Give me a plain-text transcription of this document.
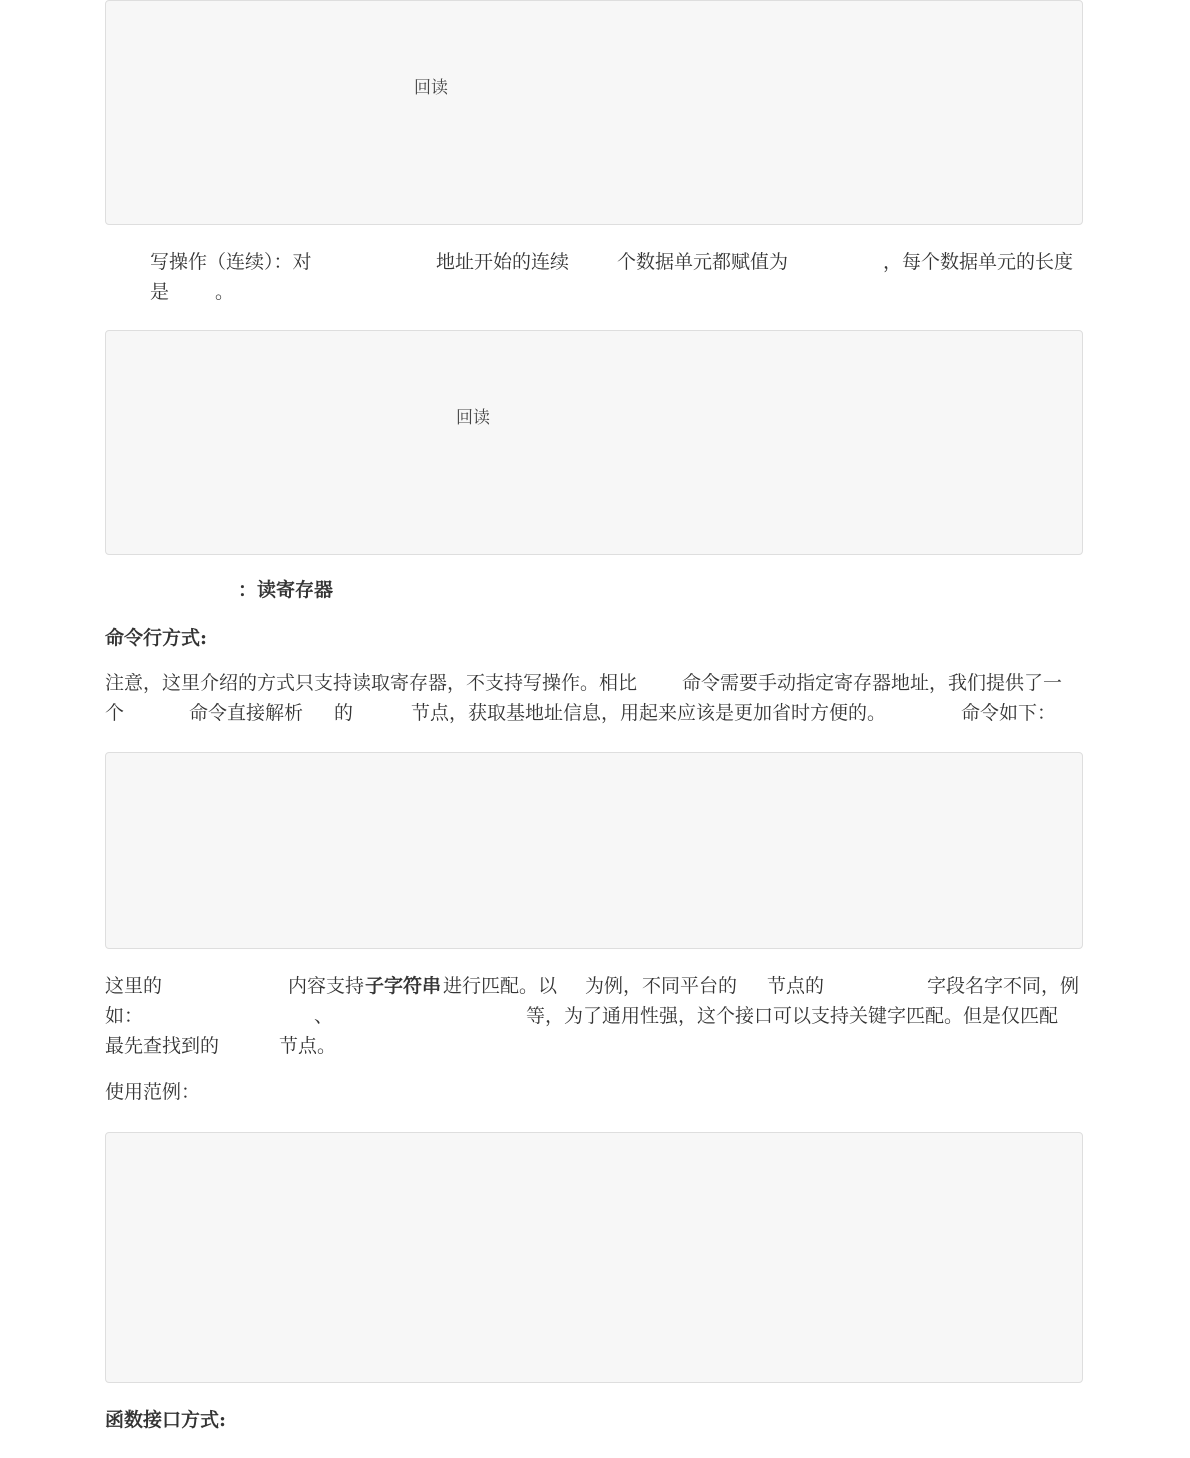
回读
写操作（连续）：对	地址开始的连续	个数据单元都赋值为	，每个数据单元的长度
是 。
回读
：读寄存器
命令行方式:
注意，这里介绍的方式只支持读取寄存器，不支持写操作。相比 命令需要手动指定寄存器地址，我们提供了一
个	命令直接解析 的	节点，获取基地址信息，用起来应该是更加省时方便的。	命令如下：
这里的	内容支持 子字符串 进行匹配。以 为例，不同平台的 节点的	字段名字不同，例
如：	、	等，为了通用性强，这个接口可以支持关键字匹配。但是仅匹配
最先查找到的	节点。
使用范例：
函数接口方式:
